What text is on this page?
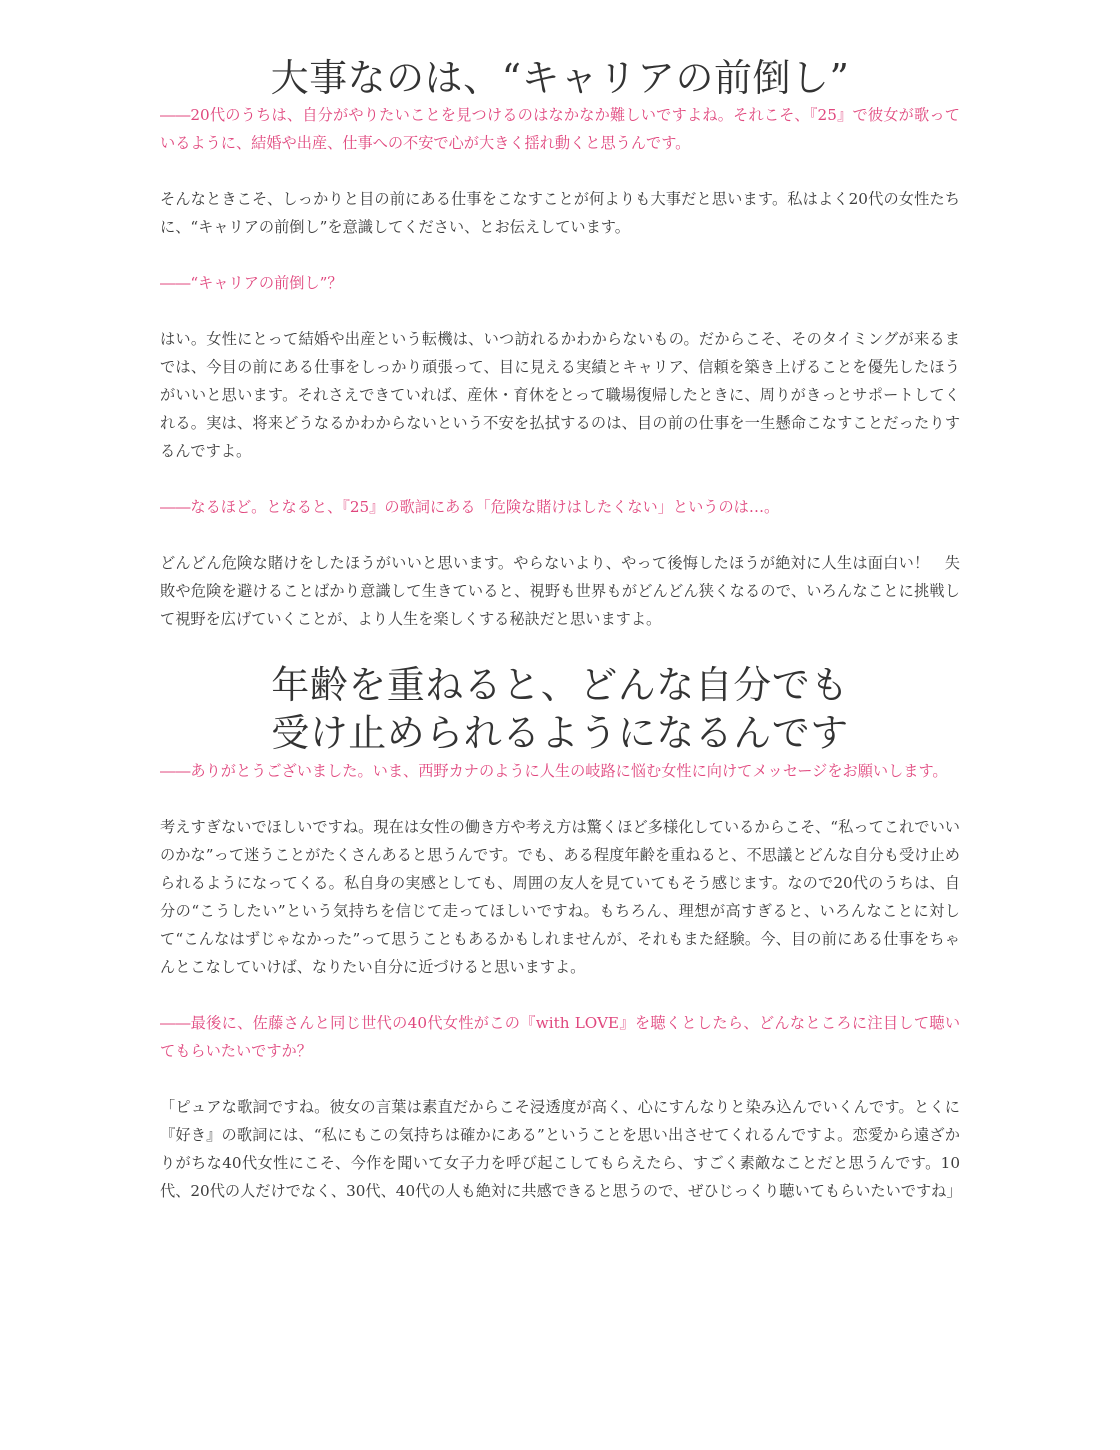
大事なのは、“キャリアの前倒し”

――20代のうちは、自分がやりたいことを見つけるのはなかなか難しいですよね。それこそ、『25』で彼女が歌っているように、結婚や出産、仕事への不安で心が大きく揺れ動くと思うんです。

そんなときこそ、しっかりと目の前にある仕事をこなすことが何よりも大事だと思います。私はよく20代の女性たちに、“キャリアの前倒し”を意識してください、とお伝えしています。

――“キャリアの前倒し”？

はい。女性にとって結婚や出産という転機は、いつ訪れるかわからないもの。だからこそ、そのタイミングが来るまでは、今目の前にある仕事をしっかり頑張って、目に見える実績とキャリア、信頼を築き上げることを優先したほうがいいと思います。それさえできていれば、産休・育休をとって職場復帰したときに、周りがきっとサポートしてくれる。実は、将来どうなるかわからないという不安を払拭するのは、目の前の仕事を一生懸命こなすことだったりするんですよ。

――なるほど。となると、『25』の歌詞にある「危険な賭けはしたくない」というのは…。

どんどん危険な賭けをしたほうがいいと思います。やらないより、やって後悔したほうが絶対に人生は面白い！　失敗や危険を避けることばかり意識して生きていると、視野も世界もがどんどん狭くなるので、いろんなことに挑戦して視野を広げていくことが、より人生を楽しくする秘訣だと思いますよ。

年齢を重ねると、どんな自分でも
受け止められるようになるんです

――ありがとうございました。いま、西野カナのように人生の岐路に悩む女性に向けてメッセージをお願いします。

考えすぎないでほしいですね。現在は女性の働き方や考え方は驚くほど多様化しているからこそ、“私ってこれでいいのかな”って迷うことがたくさんあると思うんです。でも、ある程度年齢を重ねると、不思議とどんな自分も受け止められるようになってくる。私自身の実感としても、周囲の友人を見ていてもそう感じます。なので20代のうちは、自分の“こうしたい”という気持ちを信じて走ってほしいですね。もちろん、理想が高すぎると、いろんなことに対して“こんなはずじゃなかった”って思うこともあるかもしれませんが、それもまた経験。今、目の前にある仕事をちゃんとこなしていけば、なりたい自分に近づけると思いますよ。

――最後に、佐藤さんと同じ世代の40代女性がこの『with LOVE』を聴くとしたら、どんなところに注目して聴いてもらいたいですか？

「ピュアな歌詞ですね。彼女の言葉は素直だからこそ浸透度が高く、心にすんなりと染み込んでいくんです。とくに『好き』の歌詞には、“私にもこの気持ちは確かにある”ということを思い出させてくれるんですよ。恋愛から遠ざかりがちな40代女性にこそ、今作を聞いて女子力を呼び起こしてもらえたら、すごく素敵なことだと思うんです。10代、20代の人だけでなく、30代、40代の人も絶対に共感できると思うので、ぜひじっくり聴いてもらいたいですね」
